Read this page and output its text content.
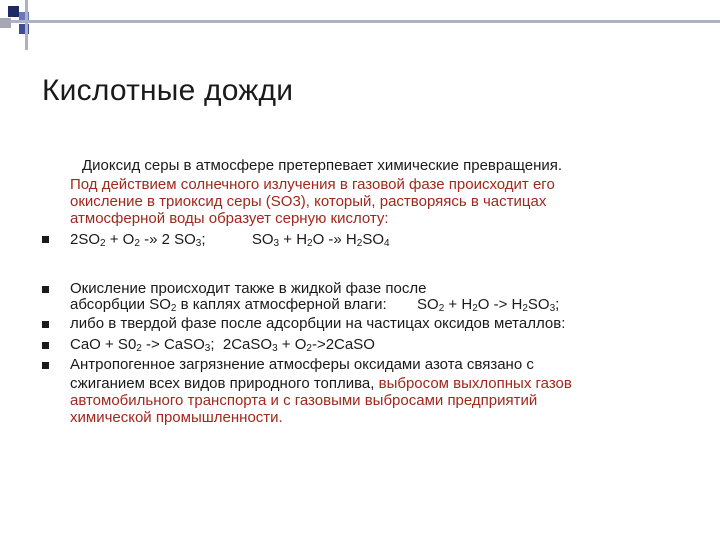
Кислотные дожди
Диоксид серы в атмосфере претерпевает химические превращения.
Под действием солнечного излучения в газовой фазе происходит его
окисление в триоксид серы (SO3), который, растворяясь в частицах
атмосферной воды образует серную кислоту:
$2SO_2 + O_2$ -» 2 $SO_3$;	$SO_3 + H_2O$ -» $H_2SO_4$
Окисление происходит также в жидкой фазе после
абсорбции $SO_2$ в каплях атмосферной влаги: $SO_2 + H_2O -> H_2SO_3$;
либо в твердой фазе после адсорбции на частицах оксидов металлов:
CaO + $S0_2$ -> CaSO$_3$;  2CaSO$_3$ + $O_2->2CaSO$
Антропогенное загрязнение атмосферы оксидами азота связано с
сжиганием всех видов природного топлива, выбросом выхлопных газов
автомобильного транспорта и с газовыми выбросами предприятий
химической промышленности.
